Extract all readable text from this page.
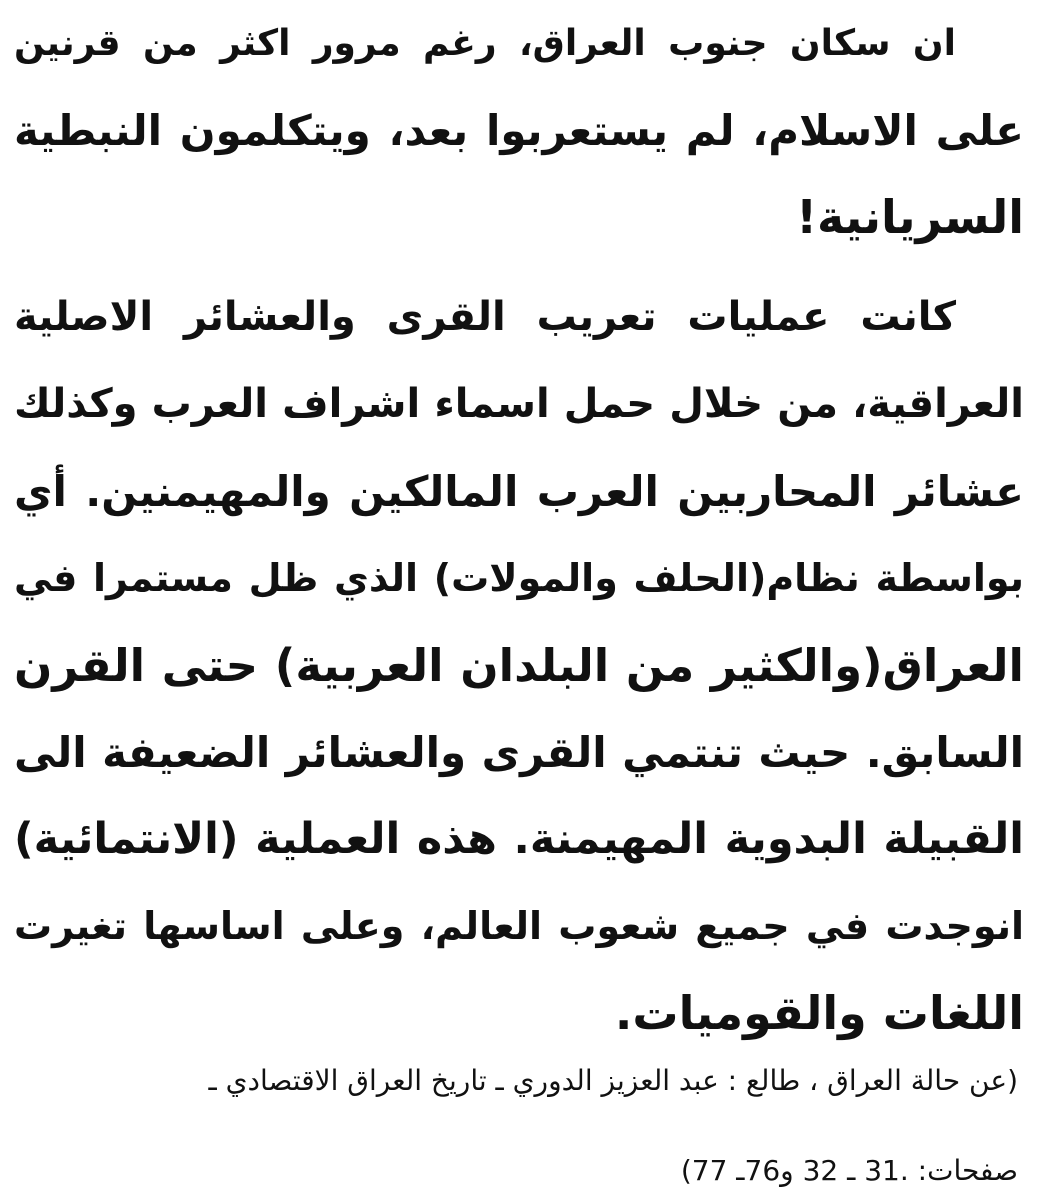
ان سكان جنوب العراق، رغم مرور اكثر من قرنين
على الاسلام، لم يستعربوا بعد، ويتكلمون النبطية
السريانية!
كانت عمليات تعريب القرى والعشائر الاصلية
العراقية، من خلال حمل اسماء اشراف العرب وكذلك
عشائر المحاربين العرب المالكين والمهيمنين. أي
بواسطة نظام(الحلف والمولات) الذي ظل مستمرا في
العراق(والكثير من البلدان العربية) حتى القرن
السابق. حيث تنتمي القرى والعشائر الضعيفة الى
القبيلة البدوية المهيمنة. هذه العملية (الانتمائية)
انوجدت في جميع شعوب العالم، وعلى اساسها تغيرت
اللغات والقوميات.

(عن حالة العراق ، طالع : عبد العزيز الدوري ـ تاريخ العراق الاقتصادي ـ

صفحات: .31 ـ 32 و76ـ 77)
